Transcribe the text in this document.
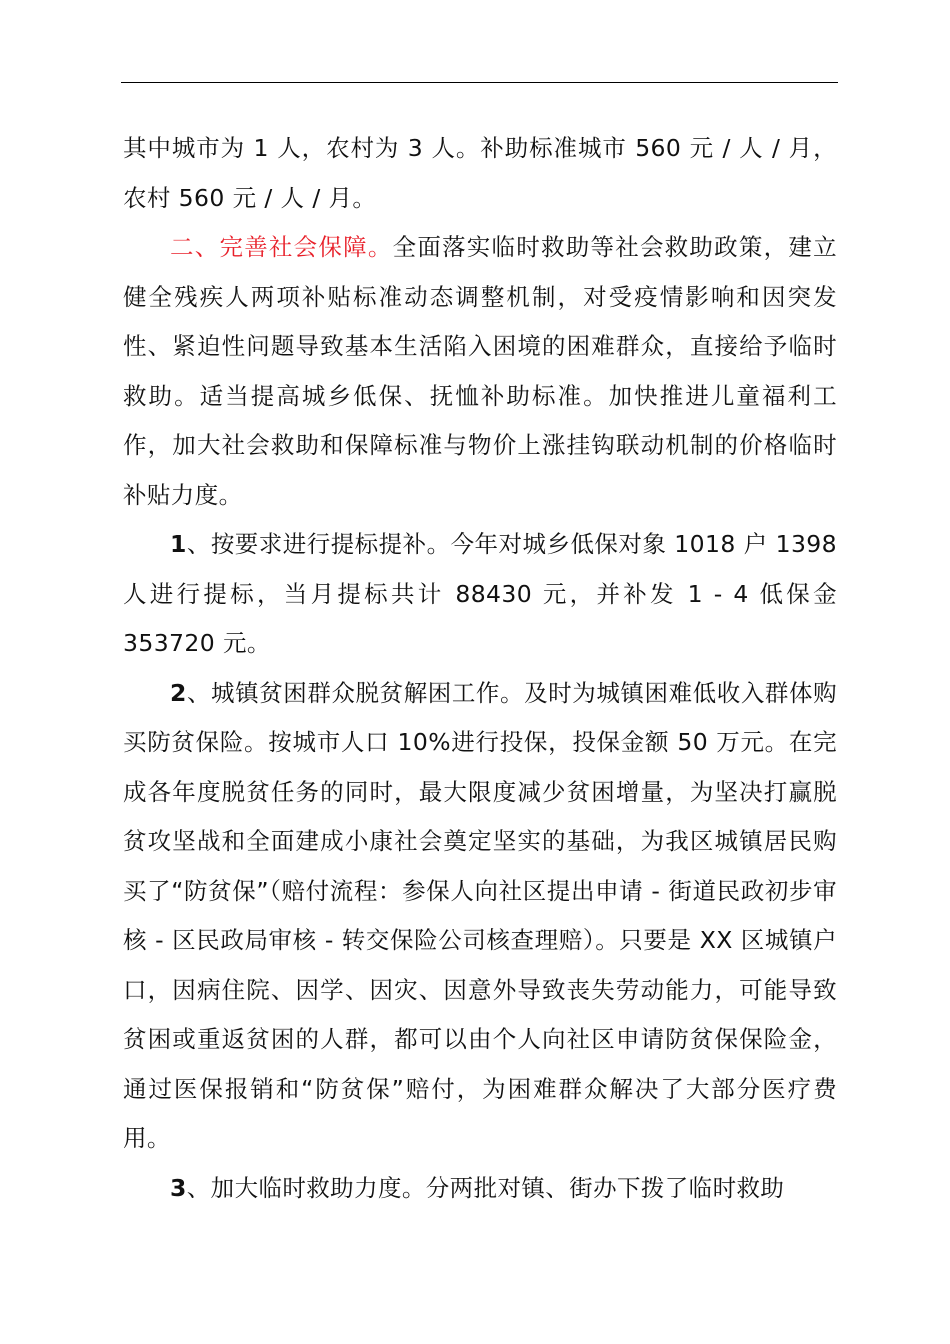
其中城市为 1 人，农村为 3 人。补助标准城市 560 元 / 人 / 月，农村 560 元 / 人 / 月。

二、完善社会保障。全面落实临时救助等社会救助政策，建立健全残疾人两项补贴标准动态调整机制，对受疫情影响和因突发性、紧迫性问题导致基本生活陷入困境的困难群众，直接给予临时救助。适当提高城乡低保、抚恤补助标准。加快推进儿童福利工作，加大社会救助和保障标准与物价上涨挂钩联动机制的价格临时补贴力度。

1、按要求进行提标提补。今年对城乡低保对象 1018 户 1398 人进行提标，当月提标共计 88430 元，并补发 1 - 4 低保金 353720 元。

2、城镇贫困群众脱贫解困工作。及时为城镇困难低收入群体购买防贫保险。按城市人口 10%进行投保，投保金额 50 万元。在完成各年度脱贫任务的同时，最大限度减少贫困增量，为坚决打赢脱贫攻坚战和全面建成小康社会奠定坚实的基础，为我区城镇居民购买了“防贫保”（赔付流程：参保人向社区提出申请 - 街道民政初步审核 - 区民政局审核 - 转交保险公司核查理赔）。只要是 XX 区城镇户口，因病住院、因学、因灾、因意外导致丧失劳动能力，可能导致贫困或重返贫困的人群，都可以由个人向社区申请防贫保保险金，通过医保报销和“防贫保”赔付，为困难群众解决了大部分医疗费用。

3、加大临时救助力度。分两批对镇、街办下拨了临时救助
